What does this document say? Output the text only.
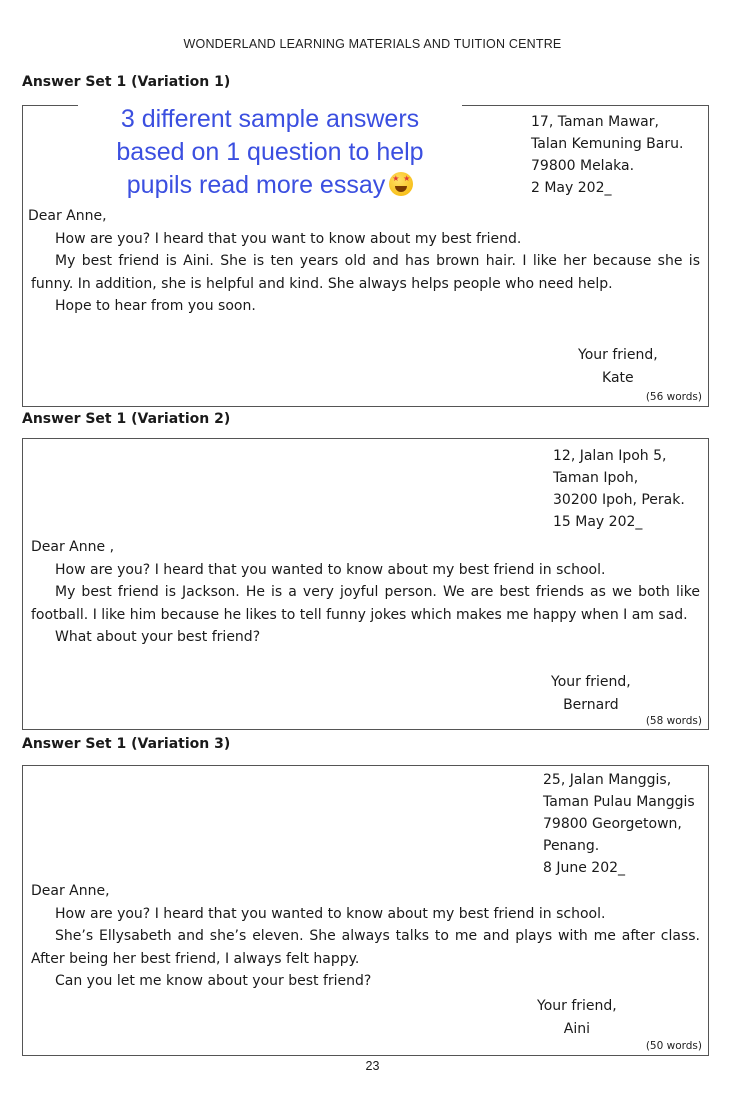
WONDERLAND LEARNING MATERIALS AND TUITION CENTRE
Answer Set 1 (Variation 1)
17, Taman Mawar,
Talan Kemuning Baru.
79800 Melaka.
2 May 202_

Dear Anne,

How are you? I heard that you want to know about my best friend.

My best friend is Aini. She is ten years old and has brown hair. I like her because she is funny. In addition, she is helpful and kind. She always helps people who need help.

Hope to hear from you soon.

Your friend,
Kate
(56 words)
3 different sample answers
based on 1 question to help
pupils read more essay★
★
Answer Set 1 (Variation 2)
12, Jalan Ipoh 5,
Taman Ipoh,
30200 Ipoh, Perak.
15 May 202_

Dear Anne ,

How are you? I heard that you wanted to know about my best friend in school.

My best friend is Jackson. He is a very joyful person. We are best friends as we both like football. I like him because he likes to tell funny jokes which makes me happy when I am sad.

What about your best friend?

Your friend,
Bernard
(58 words)
Answer Set 1 (Variation 3)
25, Jalan Manggis,
Taman Pulau Manggis
79800 Georgetown,
Penang.
8 June 202_

Dear Anne,

How are you? I heard that you wanted to know about my best friend in school.

She’s Ellysabeth and she’s eleven. She always talks to me and plays with me after class. After being her best friend, I always felt happy.

Can you let me know about your best friend?

Your friend,
Aini
(50 words)
23
